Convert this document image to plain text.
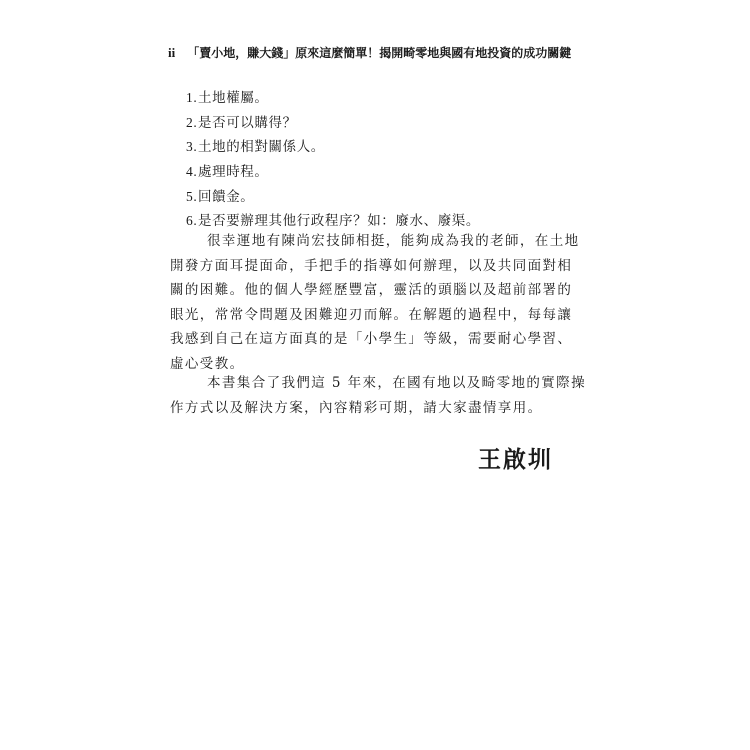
ii 「賣小地，賺大錢」原來這麼簡單！揭開畸零地與國有地投資的成功關鍵
1. 土地權屬。
2. 是否可以購得？
3. 土地的相對關係人。
4. 處理時程。
5. 回饋金。
6. 是否要辦理其他行政程序？如：廢水、廢渠。

很幸運地有陳尚宏技師相挺，能夠成為我的老師，在土地
開發方面耳提面命，手把手的指導如何辦理，以及共同面對相
關的困難。他的個人學經歷豐富，靈活的頭腦以及超前部署的
眼光，常常令問題及困難迎刃而解。在解題的過程中，每每讓
我感到自己在這方面真的是「小學生」等級，需要耐心學習、
虛心受教。

本書集合了我們這 5 年來，在國有地以及畸零地的實際操
作方式以及解決方案，內容精彩可期，請大家盡情享用。

王啟圳
